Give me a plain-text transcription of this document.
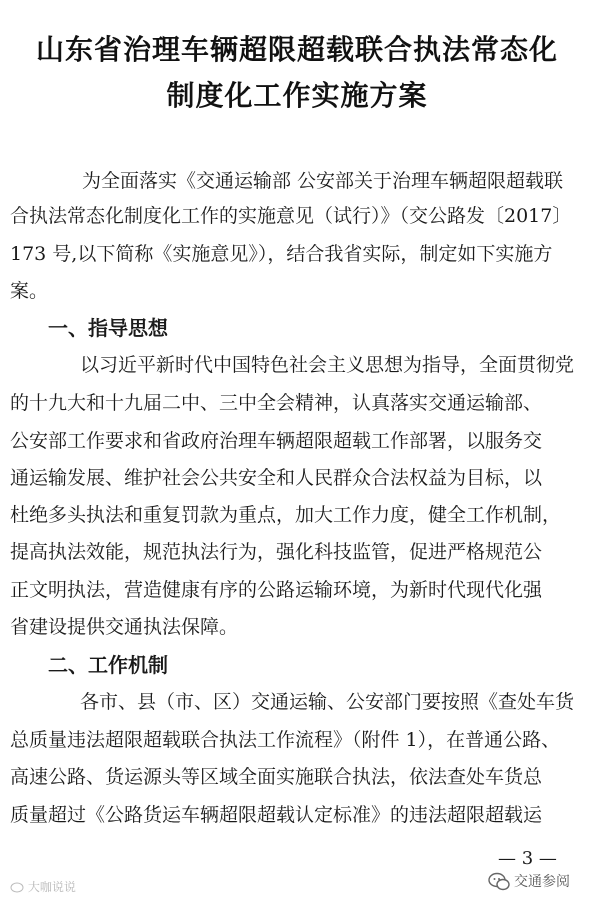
山东省治理车辆超限超载联合执法常态化
制度化工作实施方案
为全面落实《交通运输部 公安部关于治理车辆超限超载联
合执法常态化制度化工作的实施意见（试行）》（交公路发〔2017〕
173 号,以下简称《实施意见》），结合我省实际，制定如下实施方
案。
一、指导思想
以习近平新时代中国特色社会主义思想为指导，全面贯彻党
的十九大和十九届二中、三中全会精神，认真落实交通运输部、
公安部工作要求和省政府治理车辆超限超载工作部署，以服务交
通运输发展、维护社会公共安全和人民群众合法权益为目标，以
杜绝多头执法和重复罚款为重点，加大工作力度，健全工作机制，
提高执法效能，规范执法行为，强化科技监管，促进严格规范公
正文明执法，营造健康有序的公路运输环境，为新时代现代化强
省建设提供交通执法保障。
二、工作机制
各市、县（市、区）交通运输、公安部门要按照《查处车货
总质量违法超限超载联合执法工作流程》（附件 1），在普通公路、
高速公路、货运源头等区域全面实施联合执法，依法查处车货总
质量超过《公路货运车辆超限超载认定标准》的违法超限超载运
— 3 —
大咖说说	交通参阅
